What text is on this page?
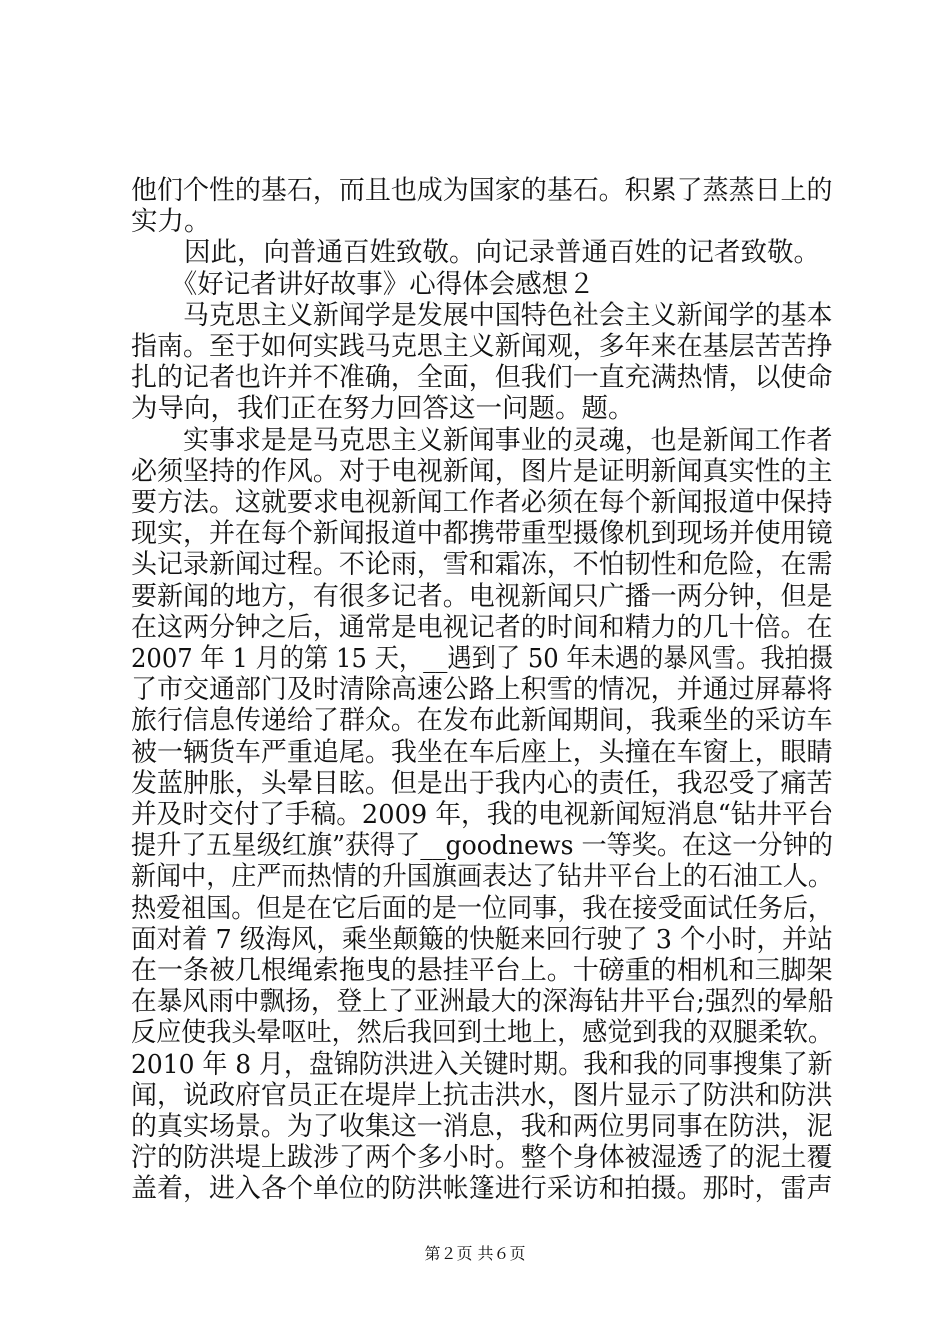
他们个性的基石，而且也成为国家的基石。积累了蒸蒸日上的
实力。
　　因此，向普通百姓致敬。向记录普通百姓的记者致敬。
　　《好记者讲好故事》心得体会感想２
　　马克思主义新闻学是发展中国特色社会主义新闻学的基本
指南。至于如何实践马克思主义新闻观，多年来在基层苦苦挣
扎的记者也许并不准确，全面，但我们一直充满热情，以使命
为导向，我们正在努力回答这一问题。题。
　　实事求是是马克思主义新闻事业的灵魂，也是新闻工作者
必须坚持的作风。对于电视新闻，图片是证明新闻真实性的主
要方法。这就要求电视新闻工作者必须在每个新闻报道中保持
现实，并在每个新闻报道中都携带重型摄像机到现场并使用镜
头记录新闻过程。不论雨，雪和霜冻，不怕韧性和危险，在需
要新闻的地方，有很多记者。电视新闻只广播一两分钟，但是
在这两分钟之后，通常是电视记者的时间和精力的几十倍。在
2007 年 1 月的第 15 天，__遇到了 50 年未遇的暴风雪。我拍摄
了市交通部门及时清除高速公路上积雪的情况，并通过屏幕将
旅行信息传递给了群众。在发布此新闻期间，我乘坐的采访车
被一辆货车严重追尾。我坐在车后座上，头撞在车窗上，眼睛
发蓝肿胀，头晕目眩。但是出于我内心的责任，我忍受了痛苦
并及时交付了手稿。2009 年，我的电视新闻短消息“钻井平台
提升了五星级红旗”获得了__goodnews 一等奖。在这一分钟的
新闻中，庄严而热情的升国旗画表达了钻井平台上的石油工人。
热爱祖国。但是在它后面的是一位同事，我在接受面试任务后，
面对着 7 级海风，乘坐颠簸的快艇来回行驶了 3 个小时，并站
在一条被几根绳索拖曳的悬挂平台上。十磅重的相机和三脚架
在暴风雨中飘扬，登上了亚洲最大的深海钻井平台;强烈的晕船
反应使我头晕呕吐，然后我回到土地上，感觉到我的双腿柔软。
2010 年 8 月，盘锦防洪进入关键时期。我和我的同事搜集了新
闻，说政府官员正在堤岸上抗击洪水，图片显示了防洪和防洪
的真实场景。为了收集这一消息，我和两位男同事在防洪，泥
泞的防洪堤上跋涉了两个多小时。整个身体被湿透了的泥土覆
盖着，进入各个单位的防洪帐篷进行采访和拍摄。那时，雷声
第２页 共６页
